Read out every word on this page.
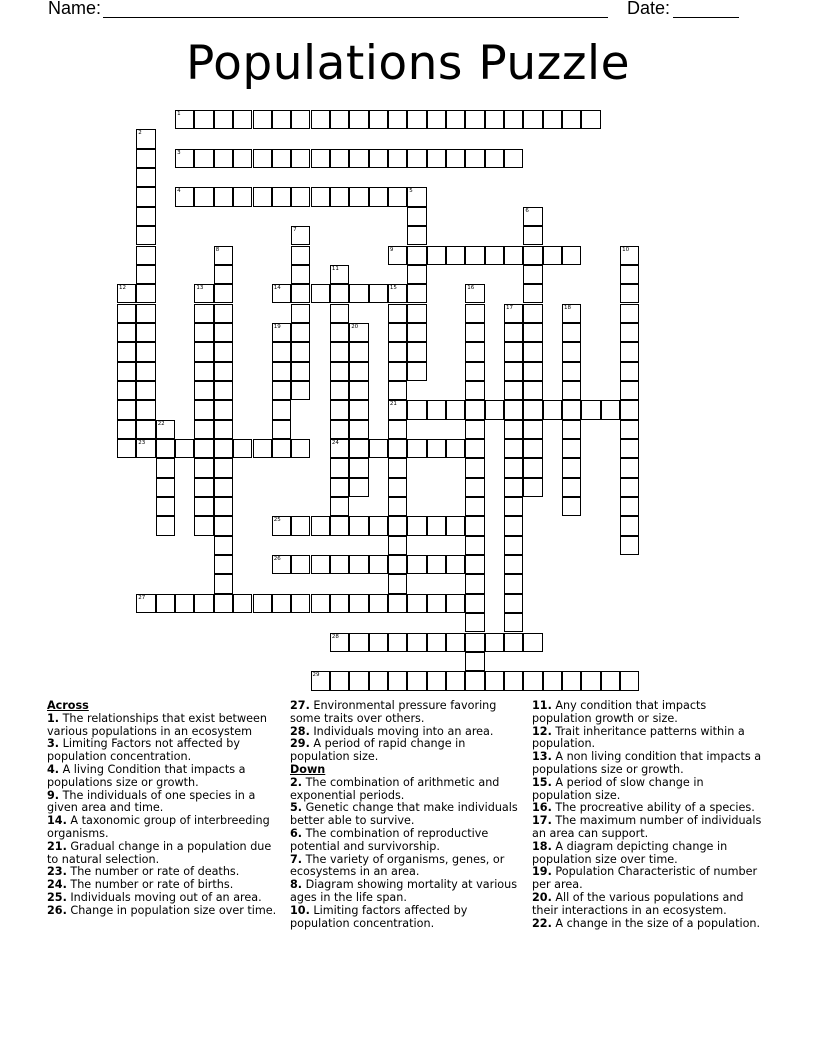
Name:	Date:
Populations Puzzle
1
2
3
4	5
6
7
8	9	10
11
24
12	13	14	15
21
16
17	18
19	20
22
23
25
26
27
28
29
Across
1. The relationships that exist between various populations in an ecosystem
3. Limiting Factors not affected by population concentration.
4. A living Condition that impacts a populations size or growth.
9. The individuals of one species in a given area and time.
14. A taxonomic group of interbreeding organisms.
21. Gradual change in a population due to natural selection.
23. The number or rate of deaths.
24. The number or rate of births.
25. Individuals moving out of an area.
26. Change in population size over time.
27. Environmental pressure favoring some traits over others.
28. Individuals moving into an area.
29. A period of rapid change in population size.
Down
2. The combination of arithmetic and exponential periods.
5. Genetic change that make individuals better able to survive.
6. The combination of reproductive potential and survivorship.
7. The variety of organisms, genes, or ecosystems in an area.
8. Diagram showing mortality at various ages in the life span.
10. Limiting factors affected by population concentration.
11. Any condition that impacts population growth or size.
12. Trait inheritance patterns within a population.
13. A non living condition that impacts a populations size or growth.
15. A period of slow change in population size.
16. The procreative ability of a species.
17. The maximum number of individuals an area can support.
18. A diagram depicting change in population size over time.
19. Population Characteristic of number per area.
20. All of the various populations and their interactions in an ecosystem.
22. A change in the size of a population.
